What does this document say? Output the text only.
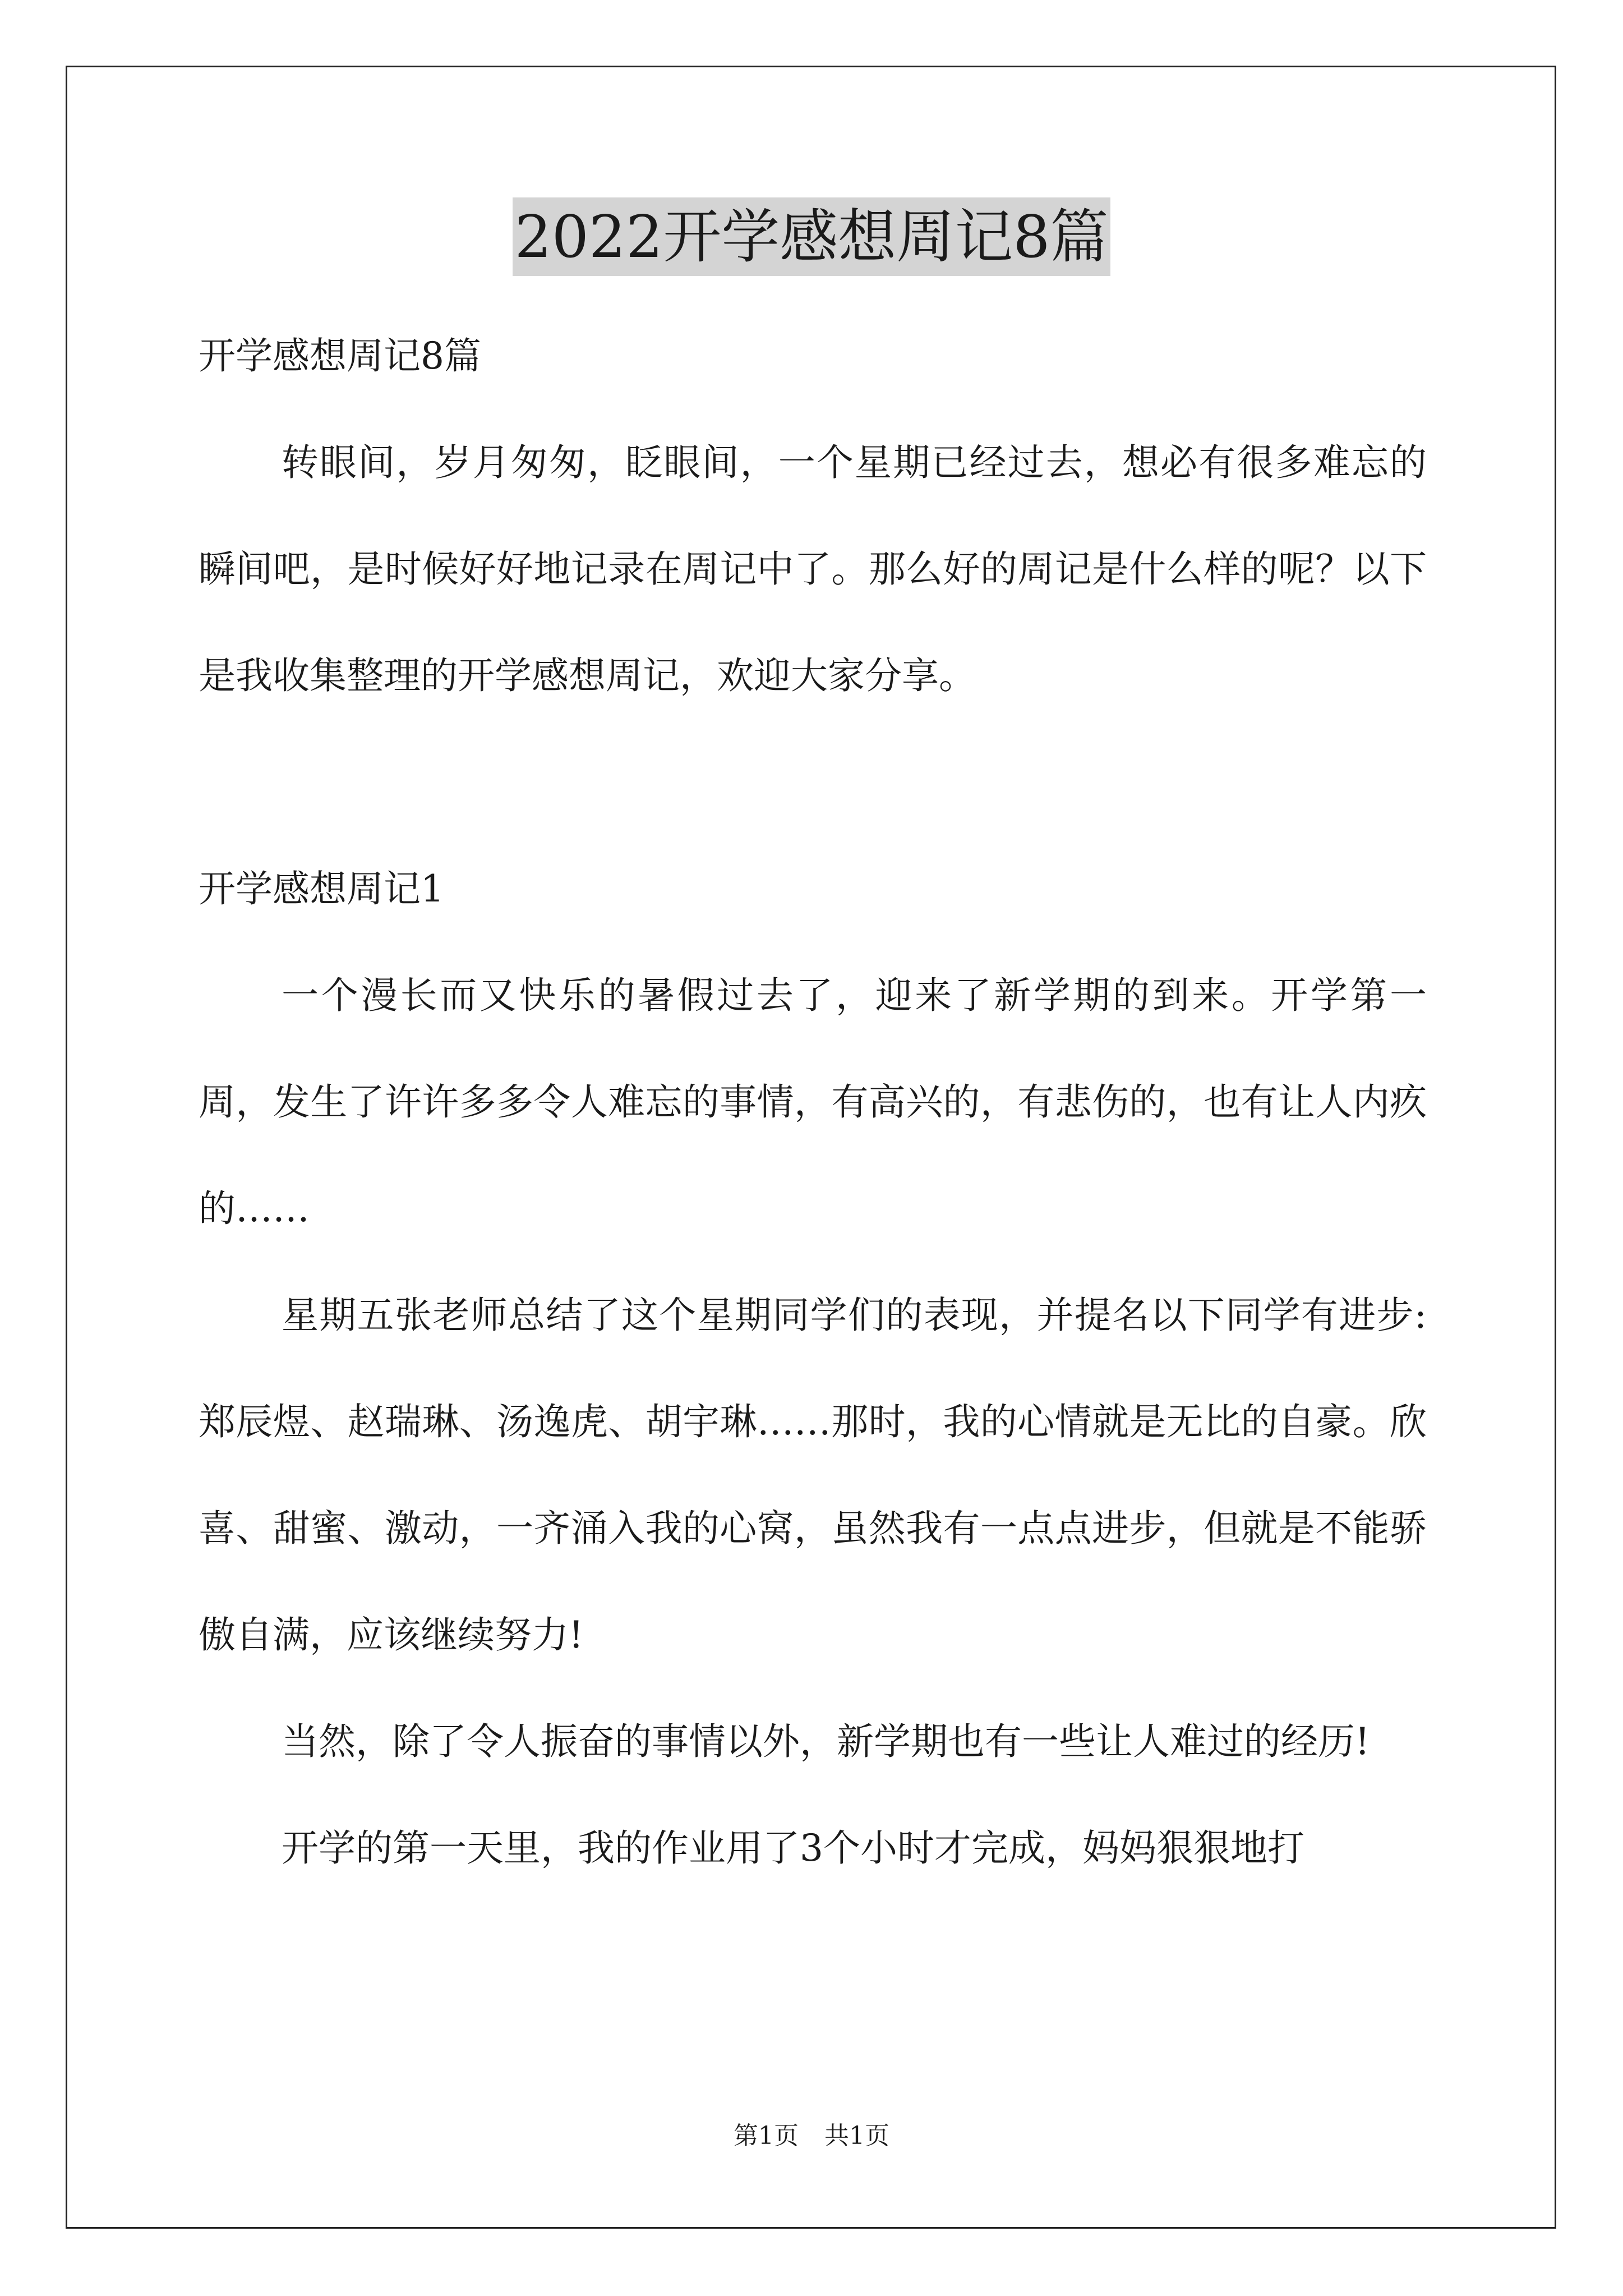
2022开学感想周记8篇

开学感想周记8篇

转眼间，岁月匆匆，眨眼间，一个星期已经过去，想必有很多难忘的瞬间吧，是时候好好地记录在周记中了。那么好的周记是什么样的呢？以下是我收集整理的开学感想周记，欢迎大家分享。

开学感想周记1

一个漫长而又快乐的暑假过去了，迎来了新学期的到来。开学第一周，发生了许许多多令人难忘的事情，有高兴的，有悲伤的，也有让人内疚的……

星期五张老师总结了这个星期同学们的表现，并提名以下同学有进步:郑辰煜、赵瑞琳、汤逸虎、胡宇琳……那时，我的心情就是无比的自豪。欣喜、甜蜜、激动，一齐涌入我的心窝，虽然我有一点点进步，但就是不能骄傲自满，应该继续努力!

当然，除了令人振奋的事情以外，新学期也有一些让人难过的经历!

开学的第一天里，我的作业用了3个小时才完成，妈妈狠狠地打

第1页 共1页
